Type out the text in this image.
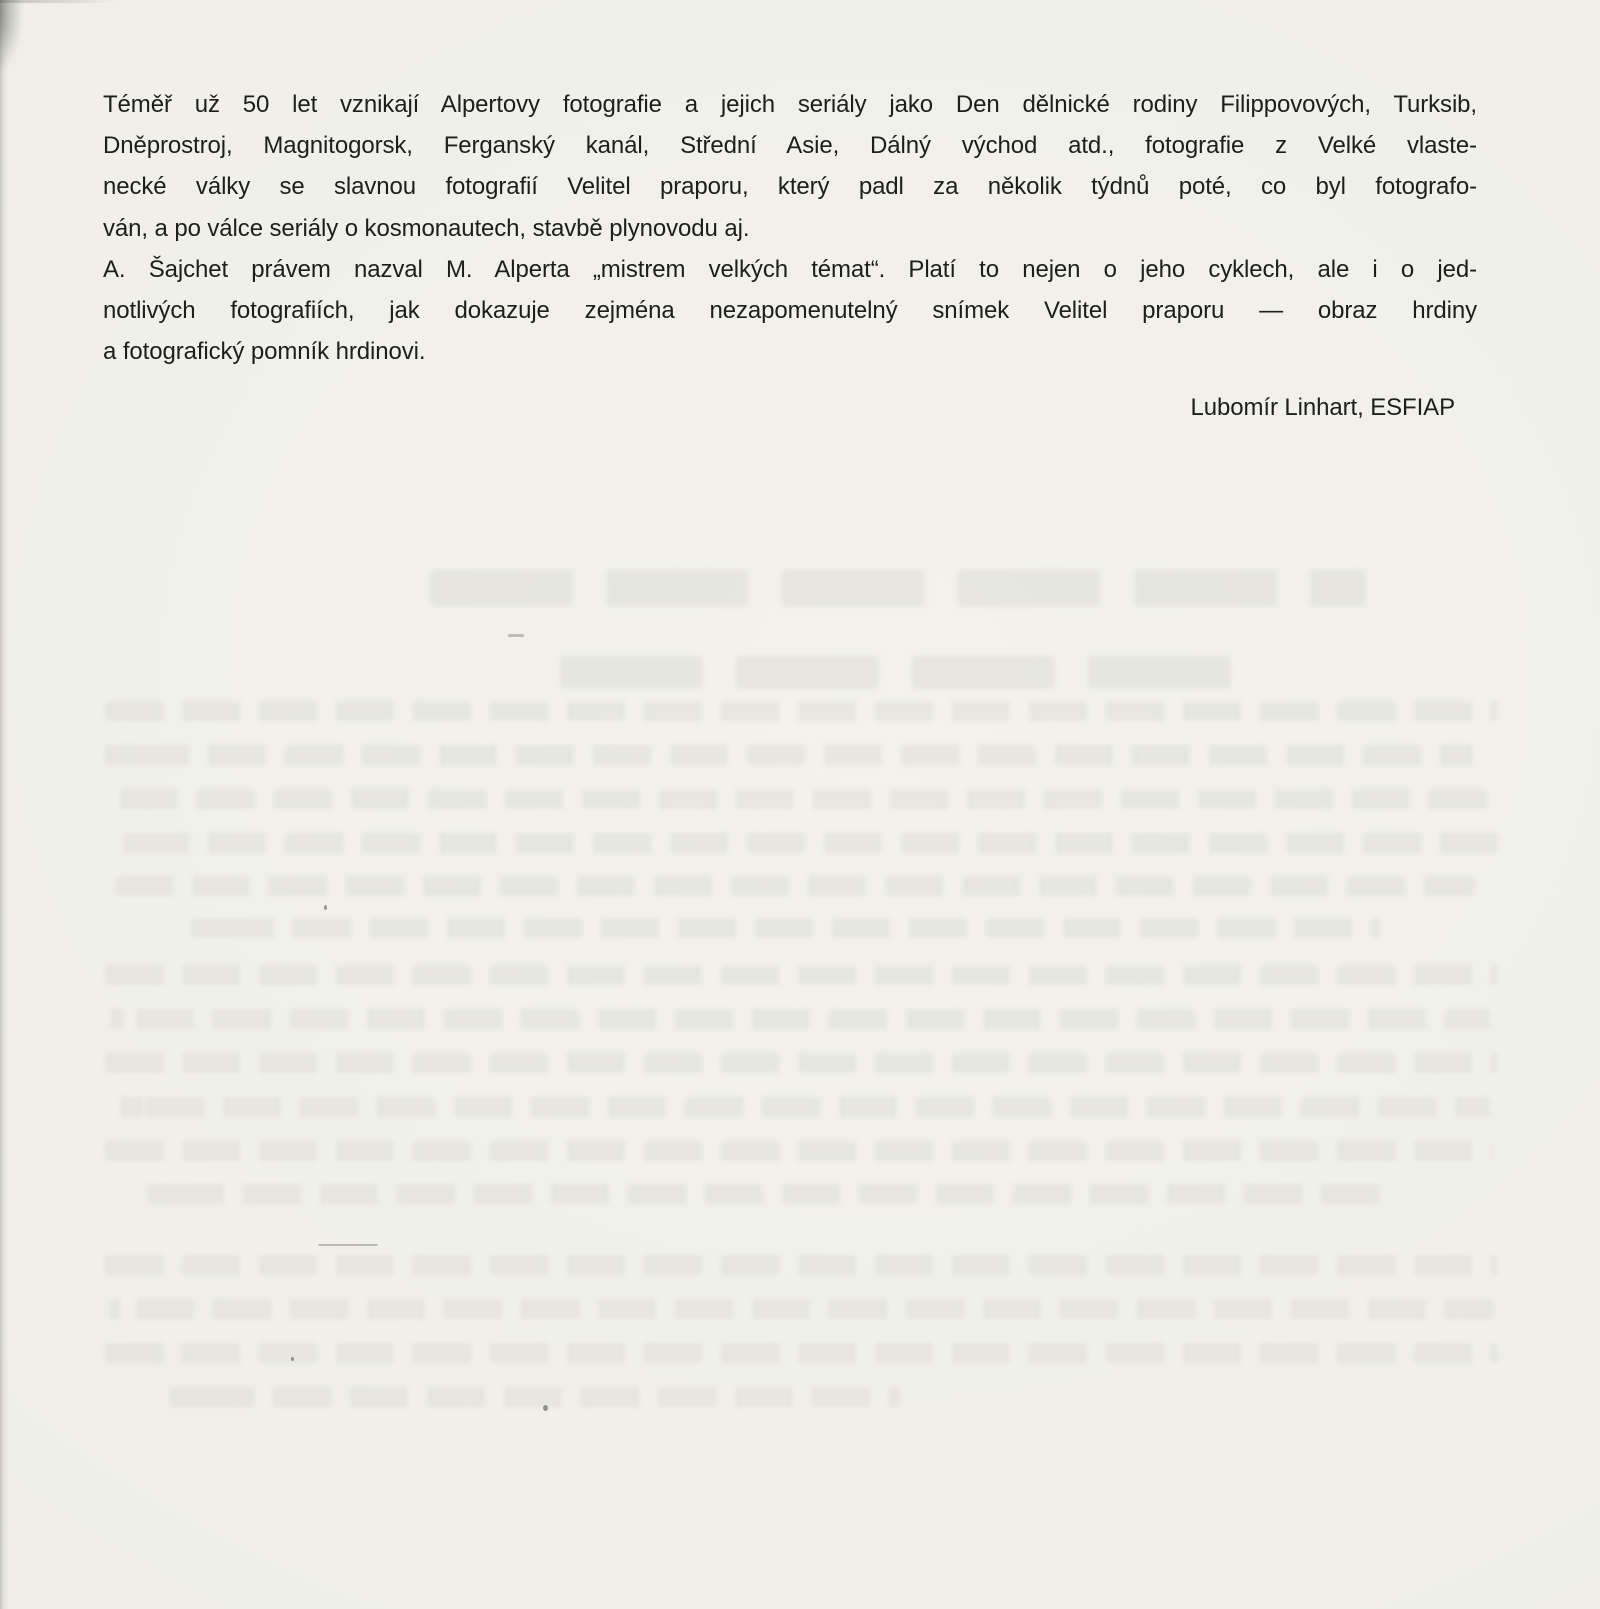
Téměř už 50 let vznikají Alpertovy fotografie a jejich seriály jako Den dělnické rodiny Filippovových, Turksib,
Dněprostroj, Magnitogorsk, Ferganský kanál, Střední Asie, Dálný východ atd., fotografie z Velké vlaste-
necké války se slavnou fotografií Velitel praporu, který padl za několik týdnů poté, co byl fotografo-
ván, a po válce seriály o kosmonautech, stavbě plynovodu aj.
A. Šajchet právem nazval M. Alperta „mistrem velkých témat“. Platí to nejen o jeho cyklech, ale i o jed-
notlivých fotografiích, jak dokazuje zejména nezapomenutelný snímek Velitel praporu — obraz hrdiny
a fotografický pomník hrdinovi.
Lubomír Linhart, ESFIAP
